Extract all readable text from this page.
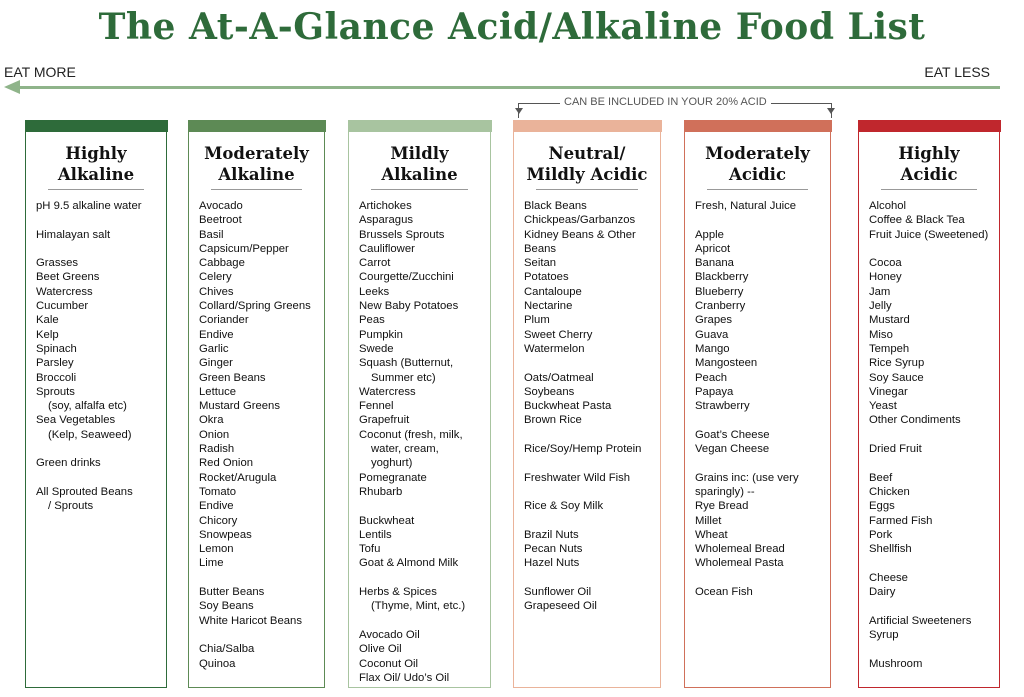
The At-A-Glance Acid/Alkaline Food List
EAT MORE	EAT LESS
CAN BE INCLUDED IN YOUR 20% ACID
Highly
Alkaline
pH 9.5 alkaline water
Himalayan salt
Grasses
Beet Greens
Watercress
Cucumber
Kale
Kelp
Spinach
Parsley
Broccoli
Sprouts
(soy, alfalfa etc)
Sea Vegetables
(Kelp, Seaweed)
Green drinks
All Sprouted Beans
/ Sprouts
Moderately
Alkaline
Avocado
Beetroot
Basil
Capsicum/Pepper
Cabbage
Celery
Chives
Collard/Spring Greens
Coriander
Endive
Garlic
Ginger
Green Beans
Lettuce
Mustard Greens
Okra
Onion
Radish
Red Onion
Rocket/Arugula
Tomato
Endive
Chicory
Snowpeas
Lemon
Lime
Butter Beans
Soy Beans
White Haricot Beans
Chia/Salba
Quinoa
Mildly
Alkaline
Artichokes
Asparagus
Brussels Sprouts
Cauliflower
Carrot
Courgette/Zucchini
Leeks
New Baby Potatoes
Peas
Pumpkin
Swede
Squash (Butternut,
Summer etc)
Watercress
Fennel
Grapefruit
Coconut (fresh, milk,
water, cream,
yoghurt)
Pomegranate
Rhubarb
Buckwheat
Lentils
Tofu
Goat & Almond Milk
Herbs & Spices
(Thyme, Mint, etc.)
Avocado Oil
Olive Oil
Coconut Oil
Flax Oil/ Udo’s Oil
Neutral/
Mildly Acidic
Black Beans
Chickpeas/Garbanzos
Kidney Beans & Other
Beans
Seitan
Potatoes
Cantaloupe
Nectarine
Plum
Sweet Cherry
Watermelon
Oats/Oatmeal
Soybeans
Buckwheat Pasta
Brown Rice
Rice/Soy/Hemp Protein
Freshwater Wild Fish
Rice & Soy Milk
Brazil Nuts
Pecan Nuts
Hazel Nuts
Sunflower Oil
Grapeseed Oil
Moderately
Acidic
Fresh, Natural Juice
Apple
Apricot
Banana
Blackberry
Blueberry
Cranberry
Grapes
Guava
Mango
Mangosteen
Peach
Papaya
Strawberry
Goat’s Cheese
Vegan Cheese
Grains inc: (use very
sparingly) --
Rye Bread
Millet
Wheat
Wholemeal Bread
Wholemeal Pasta
Ocean Fish
Highly
Acidic
Alcohol
Coffee & Black Tea
Fruit Juice (Sweetened)
Cocoa
Honey
Jam
Jelly
Mustard
Miso
Tempeh
Rice Syrup
Soy Sauce
Vinegar
Yeast
Other Condiments
Dried Fruit
Beef
Chicken
Eggs
Farmed Fish
Pork
Shellfish
Cheese
Dairy
Artificial Sweeteners
Syrup
Mushroom
